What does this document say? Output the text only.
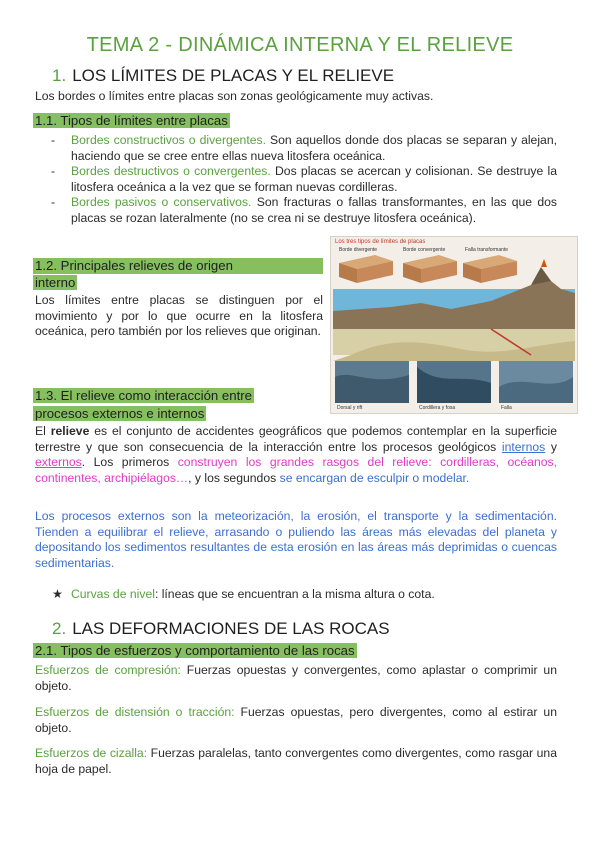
TEMA 2 - DINÁMICA INTERNA Y EL RELIEVE
1. LOS LÍMITES DE PLACAS Y EL RELIEVE
Los bordes o límites entre placas son zonas geológicamente muy activas.
1.1. Tipos de límites entre placas
- Bordes constructivos o divergentes. Son aquellos donde dos placas se separan y alejan, haciendo que se cree entre ellas nueva litosfera oceánica.
- Bordes destructivos o convergentes. Dos placas se acercan y colisionan. Se destruye la litosfera oceánica a la vez que se forman nuevas cordilleras.
- Bordes pasivos o conservativos. Son fracturas o fallas transformantes, en las que dos placas se rozan lateralmente (no se crea ni se destruye litosfera oceánica).
1.2. Principales relieves de origen
interno
Los límites entre placas se distinguen por el movimiento y por lo que ocurre en la litosfera oceánica, pero también por los relieves que originan.
Los tres tipos de límites de placas
Dorsal y rift	Cordillera y fosa	Falla
Borde divergente	Borde convergente	Falla transformante
1.3. El relieve como interacción entre
procesos externos e internos
El relieve es el conjunto de accidentes geográficos que podemos contemplar en la superficie terrestre y que son consecuencia de la interacción entre los procesos geológicos internos y externos. Los primeros construyen los grandes rasgos del relieve: cordilleras, océanos, continentes, archipiélagos…, y los segundos se encargan de esculpir o modelar.
Los procesos externos son la meteorización, la erosión, el transporte y la sedimentación. Tienden a equilibrar el relieve, arrasando o puliendo las áreas más elevadas del planeta y depositando los sedimentos resultantes de esta erosión en las áreas más deprimidas o cuencas sedimentarias.
★ Curvas de nivel: líneas que se encuentran a la misma altura o cota.
2. LAS DEFORMACIONES DE LAS ROCAS
2.1. Tipos de esfuerzos y comportamiento de las rocas
Esfuerzos de compresión: Fuerzas opuestas y convergentes, como aplastar o comprimir un objeto.
Esfuerzos de distensión o tracción: Fuerzas opuestas, pero divergentes, como al estirar un objeto.
Esfuerzos de cizalla: Fuerzas paralelas, tanto convergentes como divergentes, como rasgar una hoja de papel.
